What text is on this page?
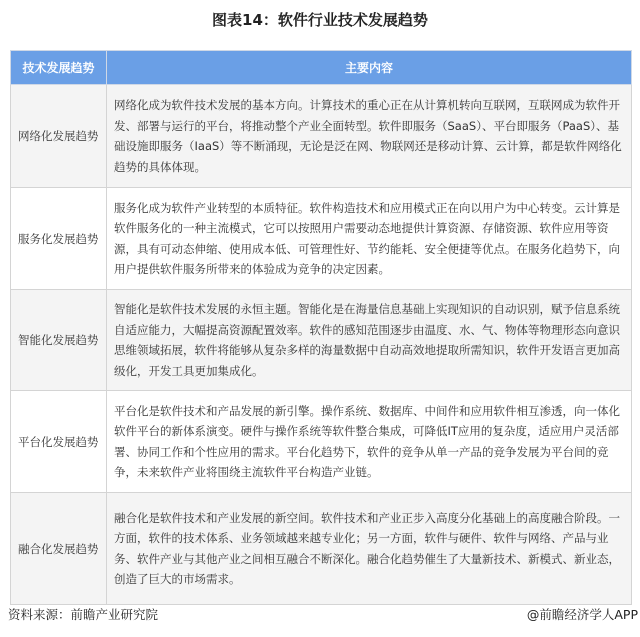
图表14：软件行业技术发展趋势
技术发展趋势	主要内容
网络化发展趋势	网络化成为软件技术发展的基本方向。计算技术的重心正在从计算机转向互联网，互联网成为软件开发、部署与运行的平台，将推动整个产业全面转型。软件即服务（SaaS）、平台即服务（PaaS）、基础设施即服务（IaaS）等不断涌现，无论是泛在网、物联网还是移动计算、云计算，都是软件网络化趋势的具体体现。
服务化发展趋势	服务化成为软件产业转型的本质特征。软件构造技术和应用模式正在向以用户为中心转变。云计算是软件服务化的一种主流模式，它可以按照用户需要动态地提供计算资源、存储资源、软件应用等资源，具有可动态伸缩、使用成本低、可管理性好、节约能耗、安全便捷等优点。在服务化趋势下，向用户提供软件服务所带来的体验成为竞争的决定因素。
智能化发展趋势	智能化是软件技术发展的永恒主题。智能化是在海量信息基础上实现知识的自动识别，赋予信息系统自适应能力，大幅提高资源配置效率。软件的感知范围逐步由温度、水、气、物体等物理形态向意识思维领域拓展，软件将能够从复杂多样的海量数据中自动高效地提取所需知识，软件开发语言更加高级化，开发工具更加集成化。
平台化发展趋势	平台化是软件技术和产品发展的新引擎。操作系统、数据库、中间件和应用软件相互渗透，向一体化软件平台的新体系演变。硬件与操作系统等软件整合集成，可降低IT应用的复杂度，适应用户灵活部署、协同工作和个性应用的需求。平台化趋势下，软件的竞争从单一产品的竞争发展为平台间的竞争，未来软件产业将围绕主流软件平台构造产业链。
融合化发展趋势	融合化是软件技术和产业发展的新空间。软件技术和产业正步入高度分化基础上的高度融合阶段。一方面，软件的技术体系、业务领域越来越专业化；另一方面，软件与硬件、软件与网络、产品与业务、软件产业与其他产业之间相互融合不断深化。融合化趋势催生了大量新技术、新模式、新业态，创造了巨大的市场需求。
资料来源：前瞻产业研究院	@前瞻经济学人APP
